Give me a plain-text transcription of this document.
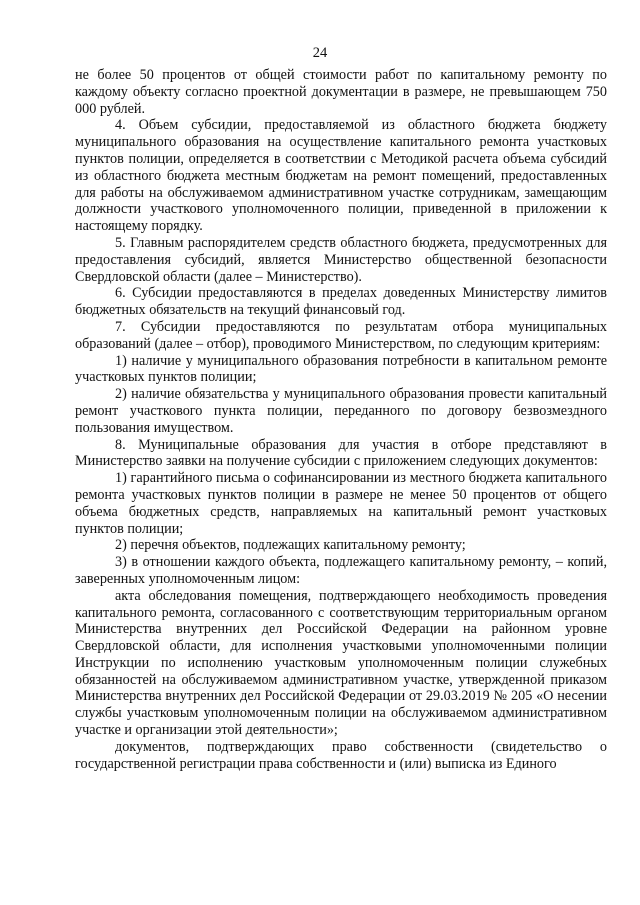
24

не более 50 процентов от общей стоимости работ по капитальному ремонту по каждому объекту согласно проектной документации в размере, не превышающем 750 000 рублей.

4. Объем субсидии, предоставляемой из областного бюджета бюджету муниципального образования на осуществление капитального ремонта участковых пунктов полиции, определяется в соответствии с Методикой расчета объема субсидий из областного бюджета местным бюджетам на ремонт помещений, предоставленных для работы на обслуживаемом административном участке сотрудникам, замещающим должности участкового уполномоченного полиции, приведенной в приложении к настоящему порядку.

5. Главным распорядителем средств областного бюджета, предусмотренных для предоставления субсидий, является Министерство общественной безопасности Свердловской области (далее – Министерство).

6. Субсидии предоставляются в пределах доведенных Министерству лимитов бюджетных обязательств на текущий финансовый год.

7. Субсидии предоставляются по результатам отбора муниципальных образований (далее – отбор), проводимого Министерством, по следующим критериям:

1) наличие у муниципального образования потребности в капитальном ремонте участковых пунктов полиции;

2) наличие обязательства у муниципального образования провести капитальный ремонт участкового пункта полиции, переданного по договору безвозмездного пользования имуществом.

8. Муниципальные образования для участия в отборе представляют в Министерство заявки на получение субсидии с приложением следующих документов:

1) гарантийного письма о софинансировании из местного бюджета капитального ремонта участковых пунктов полиции в размере не менее 50 процентов от общего объема бюджетных средств, направляемых на капитальный ремонт участковых пунктов полиции;

2) перечня объектов, подлежащих капитальному ремонту;

3) в отношении каждого объекта, подлежащего капитальному ремонту, – копий, заверенных уполномоченным лицом:

акта обследования помещения, подтверждающего необходимость проведения капитального ремонта, согласованного с соответствующим территориальным органом Министерства внутренних дел Российской Федерации на районном уровне Свердловской области, для исполнения участковыми уполномоченными полиции Инструкции по исполнению участковым уполномоченным полиции служебных обязанностей на обслуживаемом административном участке, утвержденной приказом Министерства внутренних дел Российской Федерации от 29.03.2019 № 205 «О несении службы участковым уполномоченным полиции на обслуживаемом административном участке и организации этой деятельности»;

документов, подтверждающих право собственности (свидетельство о государственной регистрации права собственности и (или) выписка из Единого
